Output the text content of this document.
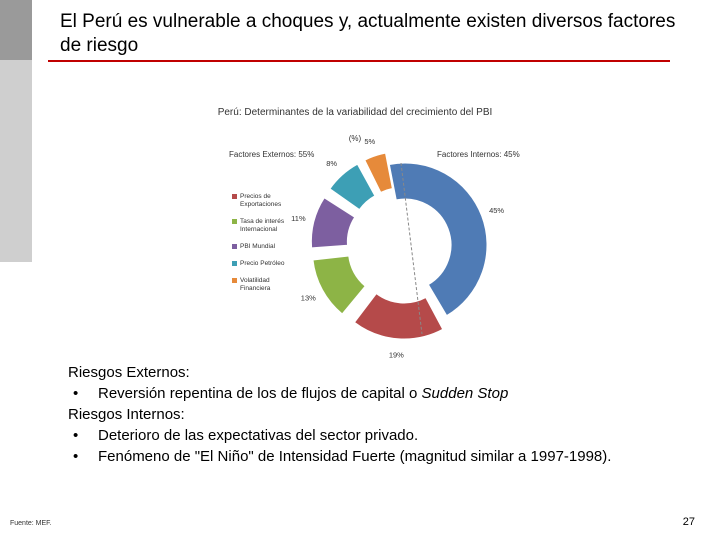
El Perú es vulnerable a choques y, actualmente existen diversos factores de riesgo
Perú: Determinantes de la variabilidad del crecimiento del PBI
(%)
Factores Externos: 55%	Factores Internos: 45%
45%
19%
13%
11%
8%
5%
Precios de
Exportaciones
Tasa de interés
Internacional
PBI Mundial
Precio Petróleo
Volatilidad
Financiera
Riesgos Externos:
• Reversión repentina de los de flujos de capital o Sudden Stop
Riesgos Internos:
• Deterioro de las expectativas del sector privado.
• Fenómeno de "El Niño" de Intensidad Fuerte (magnitud similar a 1997-1998).
Fuente: MEF.	27
